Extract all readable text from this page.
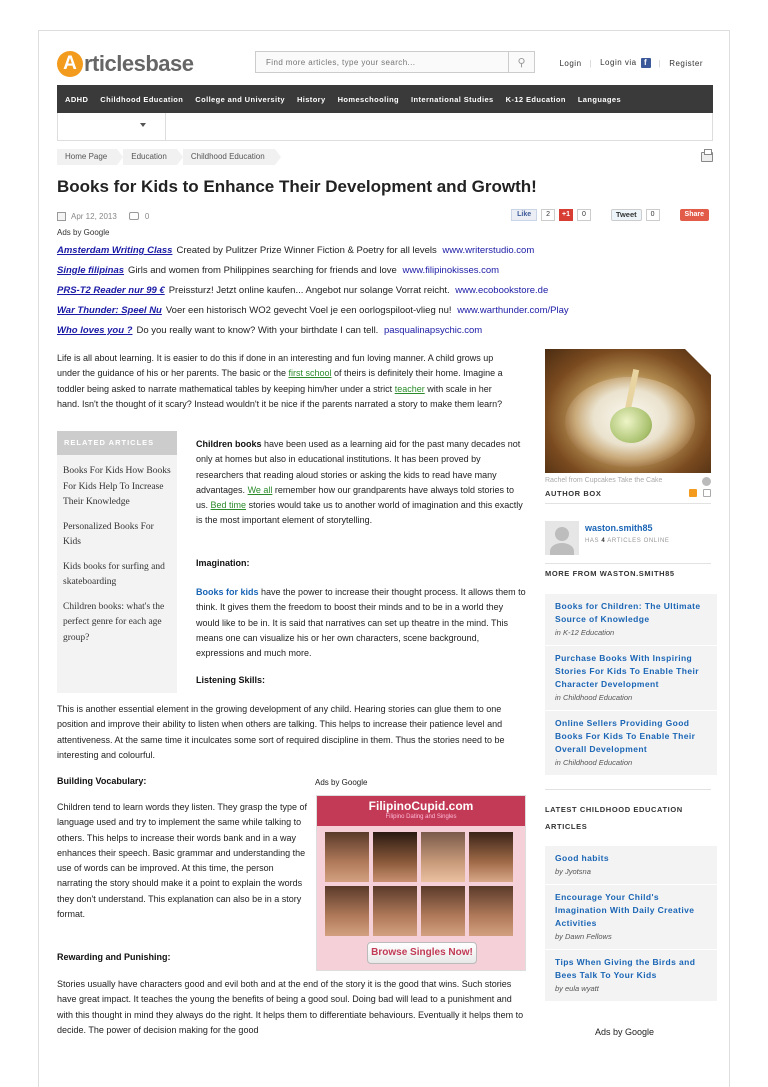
A rticlesbase
Find more articles, type your search...	⚲	Login | Login via f	| Register
ADHD Childhood Education College and University History Homeschooling International Studies K-12 Education Languages
Home Page	Education	Childhood Education
Books for Kids to Enhance Their Development and Growth!
Apr 12, 2013	0	Like	2	+1	0	Tweet	0	Share
Ads by Google
Amsterdam Writing Class Created by Pulitzer Prize Winner Fiction & Poetry for all levels www.writerstudio.com
Single filipinas Girls and women from Philippines searching for friends and love www.filipinokisses.com
PRS-T2 Reader nur 99 € Preissturz! Jetzt online kaufen... Angebot nur solange Vorrat reicht. www.ecobookstore.de
War Thunder: Speel Nu Voer een historisch WO2 gevecht Voel je een oorlogspiloot-vlieg nu! www.warthunder.com/Play
Who loves you ? Do you really want to know? With your birthdate I can tell. pasqualinapsychic.com
Life is all about learning. It is easier to do this if done in an interesting and fun loving manner. A child grows up under the guidance of his or her parents. The basic or the first school of theirs is definitely their home. Imagine a toddler being asked to narrate mathematical tables by keeping him/her under a strict teacher with scale in her hand. Isn't the thought of it scary? Instead wouldn't it be nice if the parents narrated a story to make them learn?
RELATED ARTICLES
Books For Kids How Books For Kids Help To Increase Their Knowledge
Personalized Books For Kids
Kids books for surfing and skateboarding
Children books: what's the perfect genre for each age group?
Children books have been used as a learning aid for the past many decades not only at homes but also in educational institutions. It has been proved by researchers that reading aloud stories or asking the kids to read have many advantages. We all remember how our grandparents have always told stories to us. Bed time stories would take us to another world of imagination and this exactly is the most important element of storytelling.
Imagination:
Books for kids have the power to increase their thought process. It allows them to think. It gives them the freedom to boost their minds and to be in a world they would like to be in. It is said that narratives can set up theatre in the mind. This means one can visualize his or her own characters, scene background, expressions and much more.
Listening Skills:
This is another essential element in the growing development of any child. Hearing stories can glue them to one position and improve their ability to listen when others are talking. This helps to increase their patience level and attentiveness. At the same time it inculcates some sort of required discipline in them. Thus the stories need to be interesting and colourful.
Building Vocabulary:	Ads by Google
Children tend to learn words they listen. They grasp the type of language used and try to implement the same while talking to others. This helps to increase their words bank and in a way enhances their speech. Basic grammar and understanding the use of words can be improved. At this time, the person narrating the story should make it a point to explain the words they don't understand. This explanation can also be in a story format.
FilipinoCupid.com
Filipino Dating and Singles
Browse Singles Now!
Rewarding and Punishing:
Stories usually have characters good and evil both and at the end of the story it is the good that wins. Such stories have great impact. It teaches the young the benefits of being a good soul. Doing bad will lead to a punishment and with this thought in mind they always do the right. It helps them to differentiate behaviours. Eventually it helps them to decide. The power of decision making for the good
Rachel from Cupcakes Take the Cake
AUTHOR BOX
waston.smith85
HAS 4 ARTICLES ONLINE
MORE FROM WASTON.SMITH85
Books for Children: The Ultimate Source of Knowledge
in K-12 Education
Purchase Books With Inspiring Stories For Kids To Enable Their Character Development
in Childhood Education
Online Sellers Providing Good Books For Kids To Enable Their Overall Development
in Childhood Education
LATEST CHILDHOOD EDUCATION ARTICLES
Good habits
by Jyotsna
Encourage Your Child's Imagination With Daily Creative Activities
by Dawn Fellows
Tips When Giving the Birds and Bees Talk To Your Kids
by eula wyatt
Ads by Google
